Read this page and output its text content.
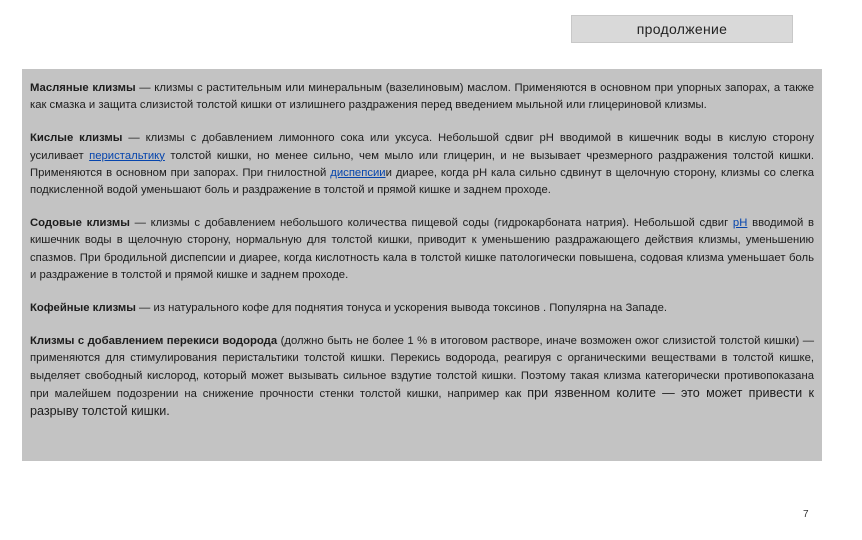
продолжение

Масляные клизмы — клизмы с растительным или минеральным (вазелиновым) маслом. Применяются в основном при упорных запорах, а также как смазка и защита слизистой толстой кишки от излишнего раздражения перед введением мыльной или глицериновой клизмы.

Кислые клизмы — клизмы с добавлением лимонного сока или уксуса. Небольшой сдвиг рН вводимой в кишечник воды в кислую сторону усиливает перистальтику толстой кишки, но менее сильно, чем мыло или глицерин, и не вызывает чрезмерного раздражения толстой кишки. Применяются в основном при запорах. При гнилостной диспепсиии диарее, когда рН кала сильно сдвинут в щелочную сторону, клизмы со слегка подкисленной водой уменьшают боль и раздражение в толстой и прямой кишке и заднем проходе.

Содовые клизмы — клизмы с добавлением небольшого количества пищевой соды (гидрокарбоната натрия). Небольшой сдвиг рН вводимой в кишечник воды в щелочную сторону, нормальную для толстой кишки, приводит к уменьшению раздражающего действия клизмы, уменьшению спазмов. При бродильной диспепсии и диарее, когда кислотность кала в толстой кишке патологически повышена, содовая клизма уменьшает боль и раздражение в толстой и прямой кишке и заднем проходе.

Кофейные клизмы — из натурального кофе для поднятия тонуса и ускорения вывода токсинов . Популярна на Западе.

Клизмы с добавлением перекиси водорода (должно быть не более 1 % в итоговом растворе, иначе возможен ожог слизистой толстой кишки) — применяются для стимулирования перистальтики толстой кишки. Перекись водорода, реагируя с органическими веществами в толстой кишке, выделяет свободный кислород, который может вызывать сильное вздутие толстой кишки. Поэтому такая клизма категорически противопоказана при малейшем подозрении на снижение прочности стенки толстой кишки, например как при язвенном колите — это может привести к разрыву толстой кишки.

7
